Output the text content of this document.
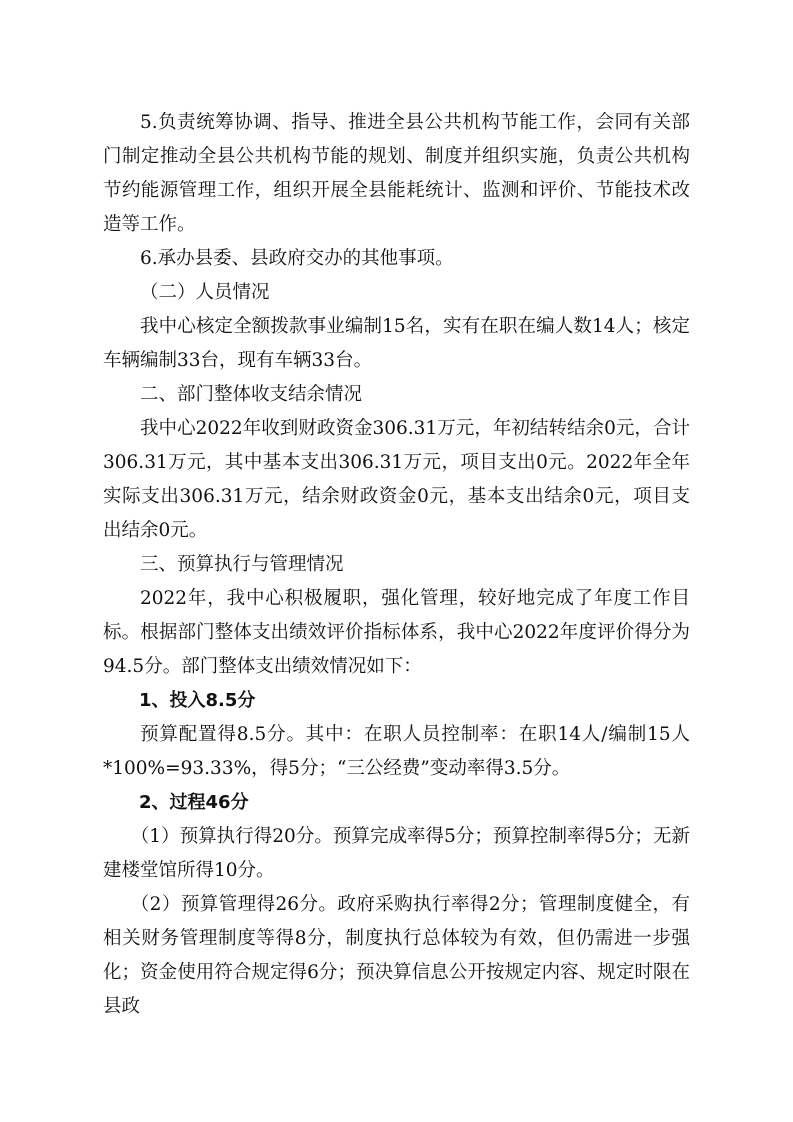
5.负责统筹协调、指导、推进全县公共机构节能工作，会同有关部门制定推动全县公共机构节能的规划、制度并组织实施，负责公共机构节约能源管理工作，组织开展全县能耗统计、监测和评价、节能技术改造等工作。

6.承办县委、县政府交办的其他事项。

（二）人员情况

我中心核定全额拨款事业编制15名，实有在职在编人数14人；核定车辆编制33台，现有车辆33台。

二、部门整体收支结余情况

我中心2022年收到财政资金306.31万元，年初结转结余0元，合计306.31万元，其中基本支出306.31万元，项目支出0元。2022年全年实际支出306.31万元，结余财政资金0元，基本支出结余0元，项目支出结余0元。

三、预算执行与管理情况

2022年，我中心积极履职，强化管理，较好地完成了年度工作目标。根据部门整体支出绩效评价指标体系，我中心2022年度评价得分为94.5分。部门整体支出绩效情况如下：

1、投入8.5分

预算配置得8.5分。其中：在职人员控制率：在职14人/编制15人*100%=93.33%，得5分；“三公经费”变动率得3.5分。

2、过程46分

（1）预算执行得20分。预算完成率得5分；预算控制率得5分；无新建楼堂馆所得10分。

（2）预算管理得26分。政府采购执行率得2分；管理制度健全，有相关财务管理制度等得8分，制度执行总体较为有效，但仍需进一步强化；资金使用符合规定得6分；预决算信息公开按规定内容、规定时限在县政
